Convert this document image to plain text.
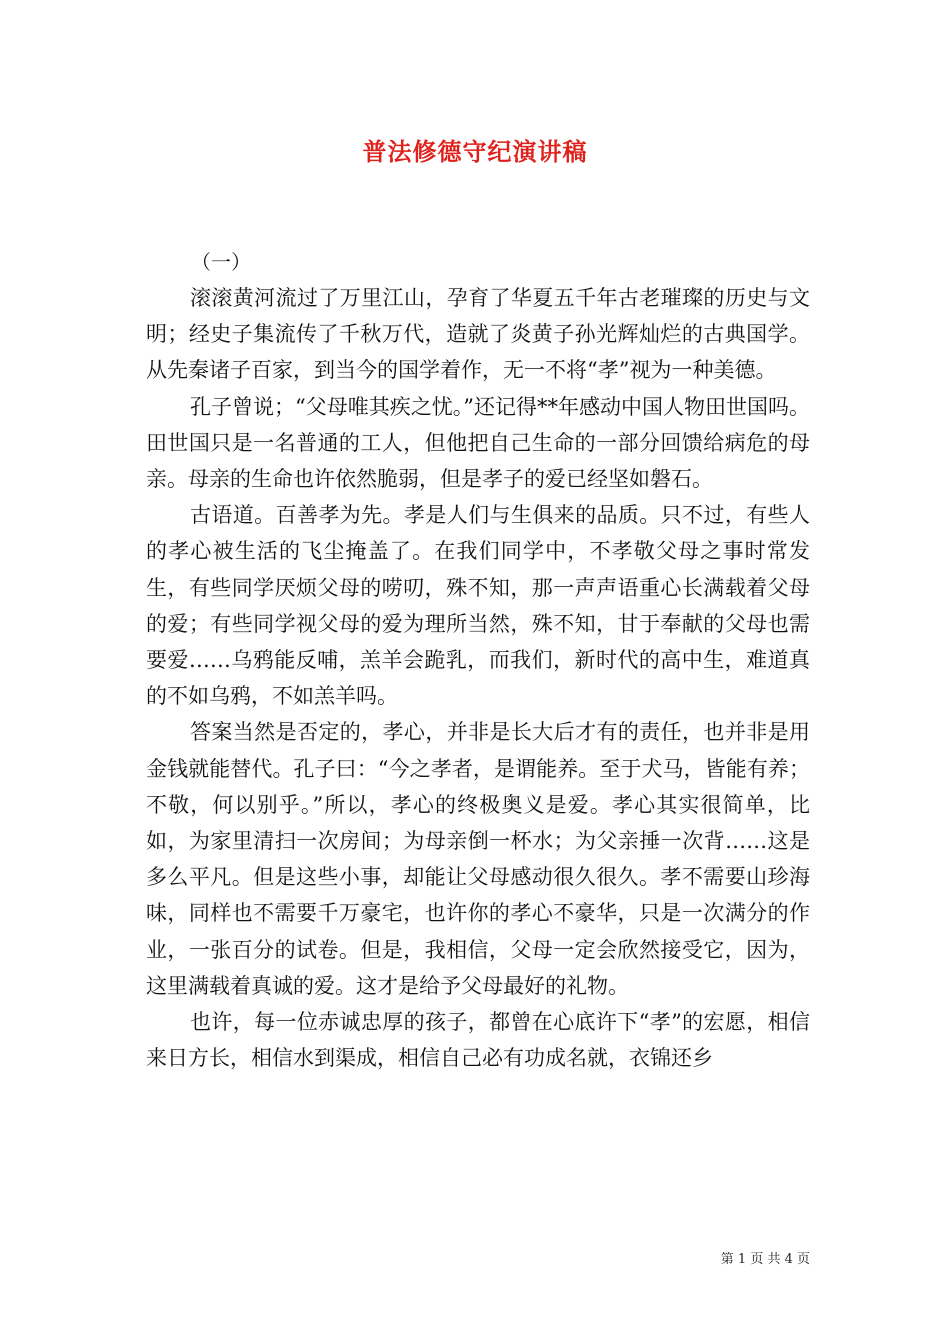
普法修德守纪演讲稿
（一）

滚滚黄河流过了万里江山，孕育了华夏五千年古老璀璨的历史与文明；经史子集流传了千秋万代，造就了炎黄子孙光辉灿烂的古典国学。从先秦诸子百家，到当今的国学着作，无一不将“孝”视为一种美德。

孔子曾说；“父母唯其疾之忧。”还记得**年感动中国人物田世国吗。田世国只是一名普通的工人，但他把自己生命的一部分回馈给病危的母亲。母亲的生命也许依然脆弱，但是孝子的爱已经坚如磐石。

古语道。百善孝为先。孝是人们与生俱来的品质。只不过，有些人的孝心被生活的飞尘掩盖了。在我们同学中，不孝敬父母之事时常发生，有些同学厌烦父母的唠叨，殊不知，那一声声语重心长满载着父母的爱；有些同学视父母的爱为理所当然，殊不知，甘于奉献的父母也需要爱……乌鸦能反哺，羔羊会跪乳，而我们，新时代的高中生，难道真的不如乌鸦，不如羔羊吗。

答案当然是否定的，孝心，并非是长大后才有的责任，也并非是用金钱就能替代。孔子曰：“今之孝者，是谓能养。至于犬马，皆能有养；不敬，何以别乎。”所以，孝心的终极奥义是爱。孝心其实很简单，比如，为家里清扫一次房间；为母亲倒一杯水；为父亲捶一次背……这是多么平凡。但是这些小事，却能让父母感动很久很久。孝不需要山珍海味，同样也不需要千万豪宅，也许你的孝心不豪华，只是一次满分的作业，一张百分的试卷。但是，我相信，父母一定会欣然接受它，因为，这里满载着真诚的爱。这才是给予父母最好的礼物。

也许，每一位赤诚忠厚的孩子，都曾在心底许下“孝”的宏愿，相信来日方长，相信水到渠成，相信自己必有功成名就，衣锦还乡

第 1 页 共 4 页
